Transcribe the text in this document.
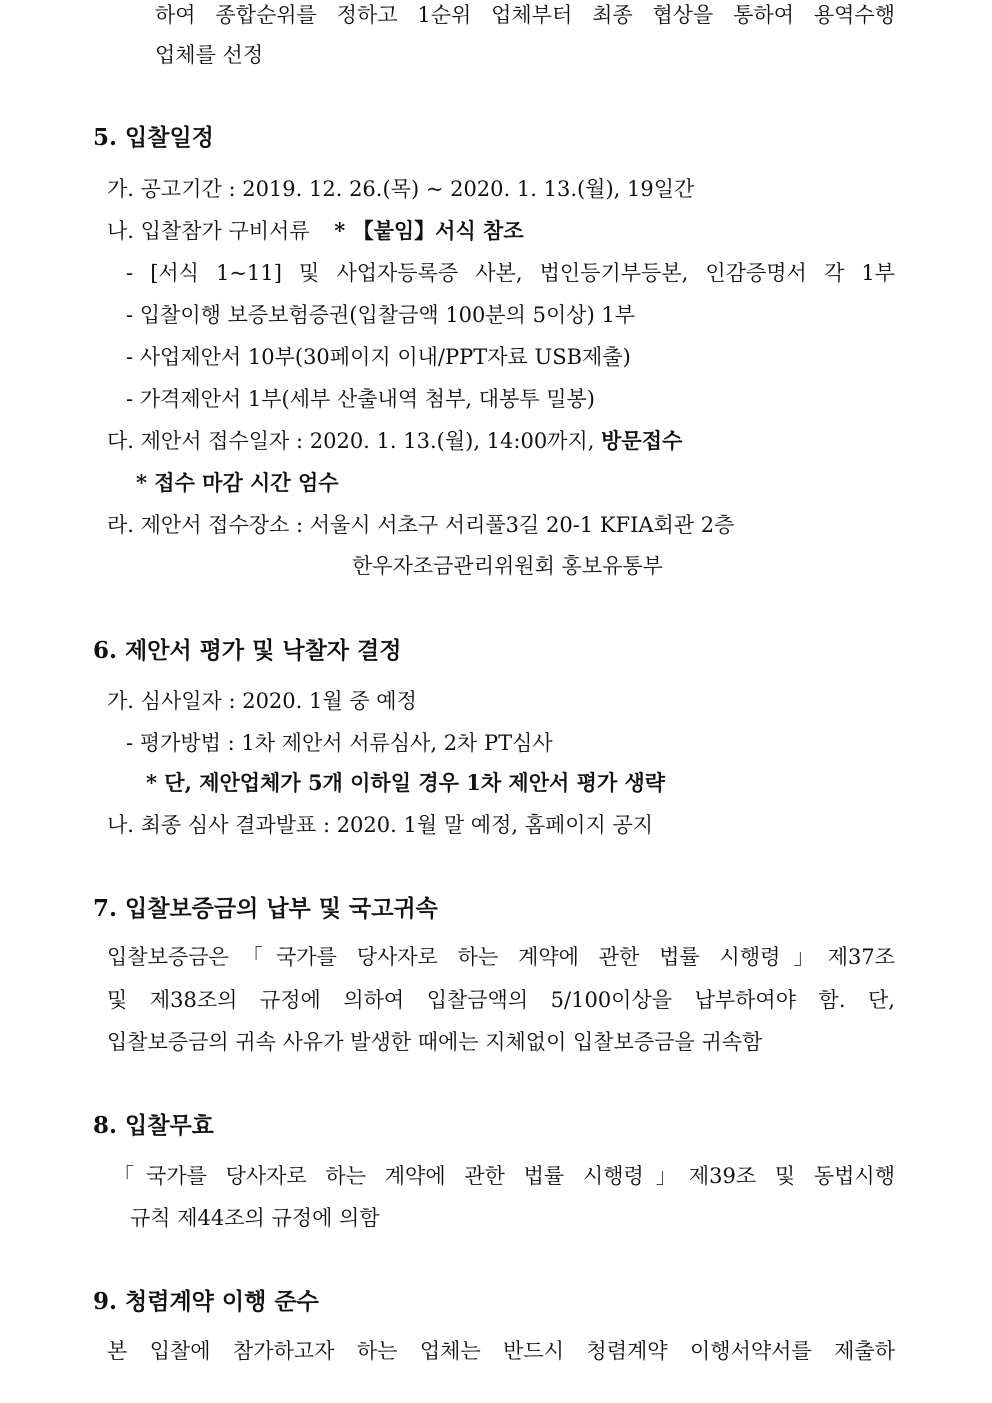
하여 종합순위를 정하고 1순위 업체부터 최종 협상을 통하여 용역수행
업체를 선정
5. 입찰일정
가. 공고기간 : 2019. 12. 26.(목) ~ 2020. 1. 13.(월), 19일간
나. 입찰참가 구비서류 * 【붙임】서식 참조
- [서식 1~11] 및 사업자등록증 사본, 법인등기부등본, 인감증명서 각 1부
- 입찰이행 보증보험증권(입찰금액 100분의 5이상) 1부
- 사업제안서 10부(30페이지 이내/PPT자료 USB제출)
- 가격제안서 1부(세부 산출내역 첨부, 대봉투 밀봉)
다. 제안서 접수일자 : 2020. 1. 13.(월), 14:00까지, 방문접수
* 접수 마감 시간 엄수
라. 제안서 접수장소 : 서울시 서초구 서리풀3길 20-1 KFIA회관 2층
한우자조금관리위원회 홍보유통부
6. 제안서 평가 및 낙찰자 결정
가. 심사일자 : 2020. 1월 중 예정
- 평가방법 : 1차 제안서 서류심사, 2차 PT심사
* 단, 제안업체가 5개 이하일 경우 1차 제안서 평가 생략
나. 최종 심사 결과발표 : 2020. 1월 말 예정, 홈페이지 공지
7. 입찰보증금의 납부 및 국고귀속
입찰보증금은「국가를 당사자로 하는 계약에 관한 법률 시행령」제37조
및 제38조의 규정에 의하여 입찰금액의 5/100이상을 납부하여야 함. 단,
입찰보증금의 귀속 사유가 발생한 때에는 지체없이 입찰보증금을 귀속함
8. 입찰무효
「국가를 당사자로 하는 계약에 관한 법률 시행령」제39조 및 동법시행
규칙 제44조의 규정에 의함
9. 청렴계약 이행 준수
본 입찰에 참가하고자 하는 업체는 반드시 청렴계약 이행서약서를 제출하
